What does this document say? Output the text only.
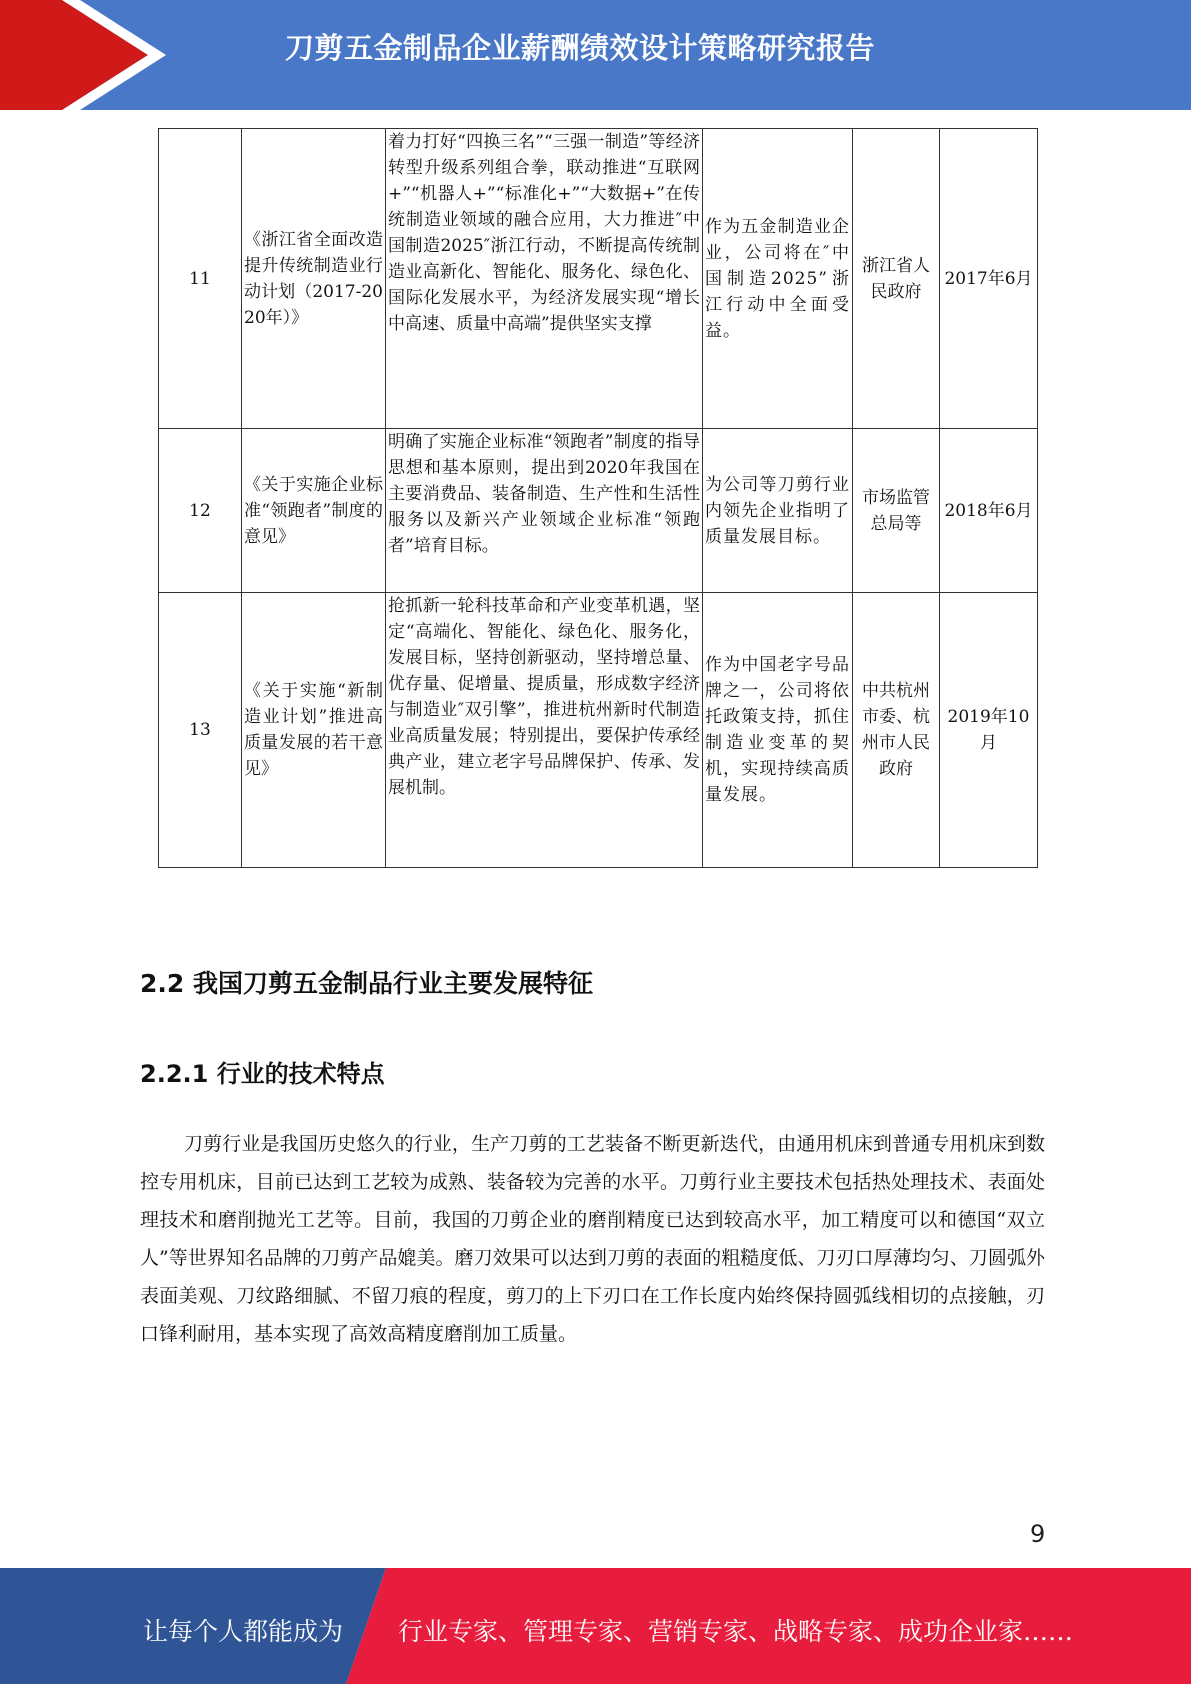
刀剪五金制品企业薪酬绩效设计策略研究报告
11	《浙江省全面改造提升传统制造业行动计划（2017-2020年）》	着力打好“四换三名”“三强一制造”等经济转型升级系列组合拳，联动推进“互联网+”“机器人+”“标准化+”“大数据+”在传统制造业领域的融合应用，大力推进″中国制造2025″浙江行动，不断提高传统制造业高新化、智能化、服务化、绿色化、国际化发展水平，为经济发展实现“增长中高速、质量中高端”提供坚实支撑	作为五金制造业企业，公司将在″中国制造2025”浙江行动中全面受益。	浙江省人民政府	2017年6月
12	《关于实施企业标准“领跑者”制度的意见》	明确了实施企业标准“领跑者”制度的指导思想和基本原则，提出到2020年我国在主要消费品、装备制造、生产性和生活性服务以及新兴产业领域企业标准“领跑者”培育目标。	为公司等刀剪行业内领先企业指明了质量发展目标。	市场监管总局等	2018年6月
13	《关于实施“新制造业计划”推进高质量发展的若干意见》	抢抓新一轮科技革命和产业变革机遇，坚定“高端化、智能化、绿色化、服务化，发展目标，坚持创新驱动，坚持增总量、优存量、促增量、提质量，形成数字经济与制造业″双引擎”，推进杭州新时代制造业高质量发展；特别提出，要保护传承经典产业，建立老字号品牌保护、传承、发展机制。	作为中国老字号品牌之一，公司将依托政策支持，抓住制造业变革的契机，实现持续高质量发展。	中共杭州市委、杭州市人民政府	2019年10月
2.2 我国刀剪五金制品行业主要发展特征
2.2.1 行业的技术特点

刀剪行业是我国历史悠久的行业，生产刀剪的工艺装备不断更新迭代，由通用机床到普通专用机床到数控专用机床，目前已达到工艺较为成熟、装备较为完善的水平。刀剪行业主要技术包括热处理技术、表面处理技术和磨削抛光工艺等。目前，我国的刀剪企业的磨削精度已达到较高水平，加工精度可以和德国“双立人”等世界知名品牌的刀剪产品媲美。磨刀效果可以达到刀剪的表面的粗糙度低、刀刃口厚薄均匀、刀圆弧外表面美观、刀纹路细腻、不留刀痕的程度，剪刀的上下刃口在工作长度内始终保持圆弧线相切的点接触，刃口锋利耐用，基本实现了高效高精度磨削加工质量。

9
让每个人都能成为 行业专家、管理专家、营销专家、战略专家、成功企业家……
